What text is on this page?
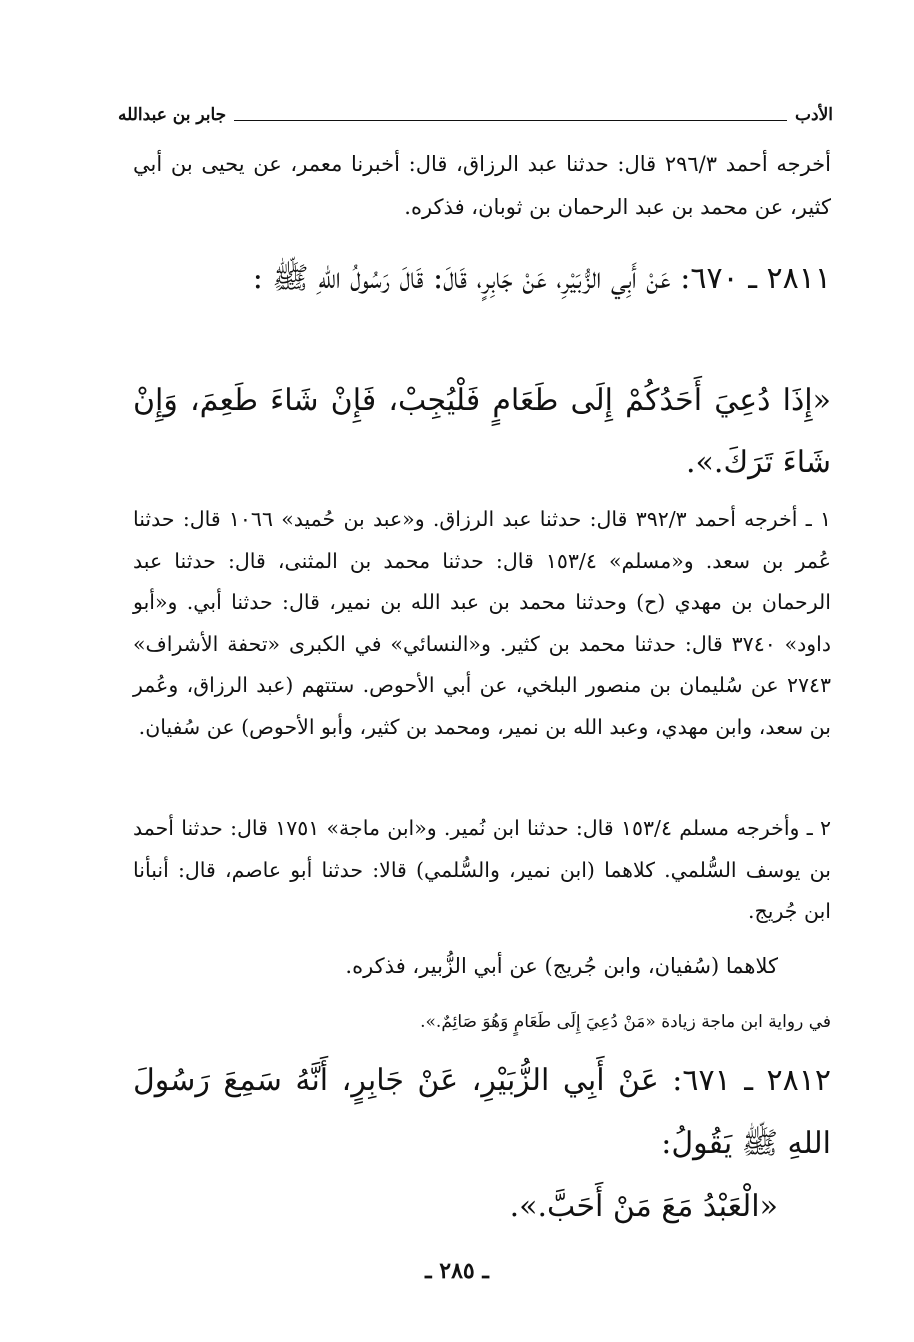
الأدب
جابر بن عبدالله
أخرجه أحمد ٢٩٦/٣ قال: حدثنا عبد الرزاق، قال: أخبرنا معمر، عن يحيى بن أبي كثير، عن محمد بن عبد الرحمان بن ثوبان، فذكره.
٢٨١١ ـ ٦٧٠: عَنْ أَبِي الزُّبَيْرِ، عَنْ جَابِرٍ، قَالَ: قَالَ رَسُولُ اللهِ ﷺ :
«إِذَا دُعِيَ أَحَدُكُمْ إِلَى طَعَامٍ فَلْيُجِبْ، فَإِنْ شَاءَ طَعِمَ، وَإِنْ شَاءَ تَرَكَ.».
١ ـ أخرجه أحمد ٣٩٢/٣ قال: حدثنا عبد الرزاق. و«عبد بن حُميد» ١٠٦٦ قال: حدثنا عُمر بن سعد. و«مسلم» ١٥٣/٤ قال: حدثنا محمد بن المثنى، قال: حدثنا عبد الرحمان بن مهدي (ح) وحدثنا محمد بن عبد الله بن نمير، قال: حدثنا أبي. و«أبو داود» ٣٧٤٠ قال: حدثنا محمد بن كثير. و«النسائي» في الكبرى «تحفة الأشراف» ٢٧٤٣ عن سُليمان بن منصور البلخي، عن أبي الأحوص. ستتهم (عبد الرزاق، وعُمر بن سعد، وابن مهدي، وعبد الله بن نمير، ومحمد بن كثير، وأبو الأحوص) عن سُفيان.
٢ ـ وأخرجه مسلم ١٥٣/٤ قال: حدثنا ابن نُمير. و«ابن ماجة» ١٧٥١ قال: حدثنا أحمد بن يوسف السُّلمي. كلاهما (ابن نمير، والسُّلمي) قالا: حدثنا أبو عاصم، قال: أنبأنا ابن جُريج.
كلاهما (سُفيان، وابن جُريج) عن أبي الزُّبير، فذكره.
في رواية ابن ماجة زيادة «مَنْ دُعِيَ إِلَى طَعَامٍ وَهُوَ صَائِمٌ.».
٢٨١٢ ـ ٦٧١: عَنْ أَبِي الزُّبَيْرِ، عَنْ جَابِرٍ، أَنَّهُ سَمِعَ رَسُولَ اللهِ ﷺ يَقُولُ:
«الْعَبْدُ مَعَ مَنْ أَحَبَّ.».
ـ ٢٨٥ ـ
